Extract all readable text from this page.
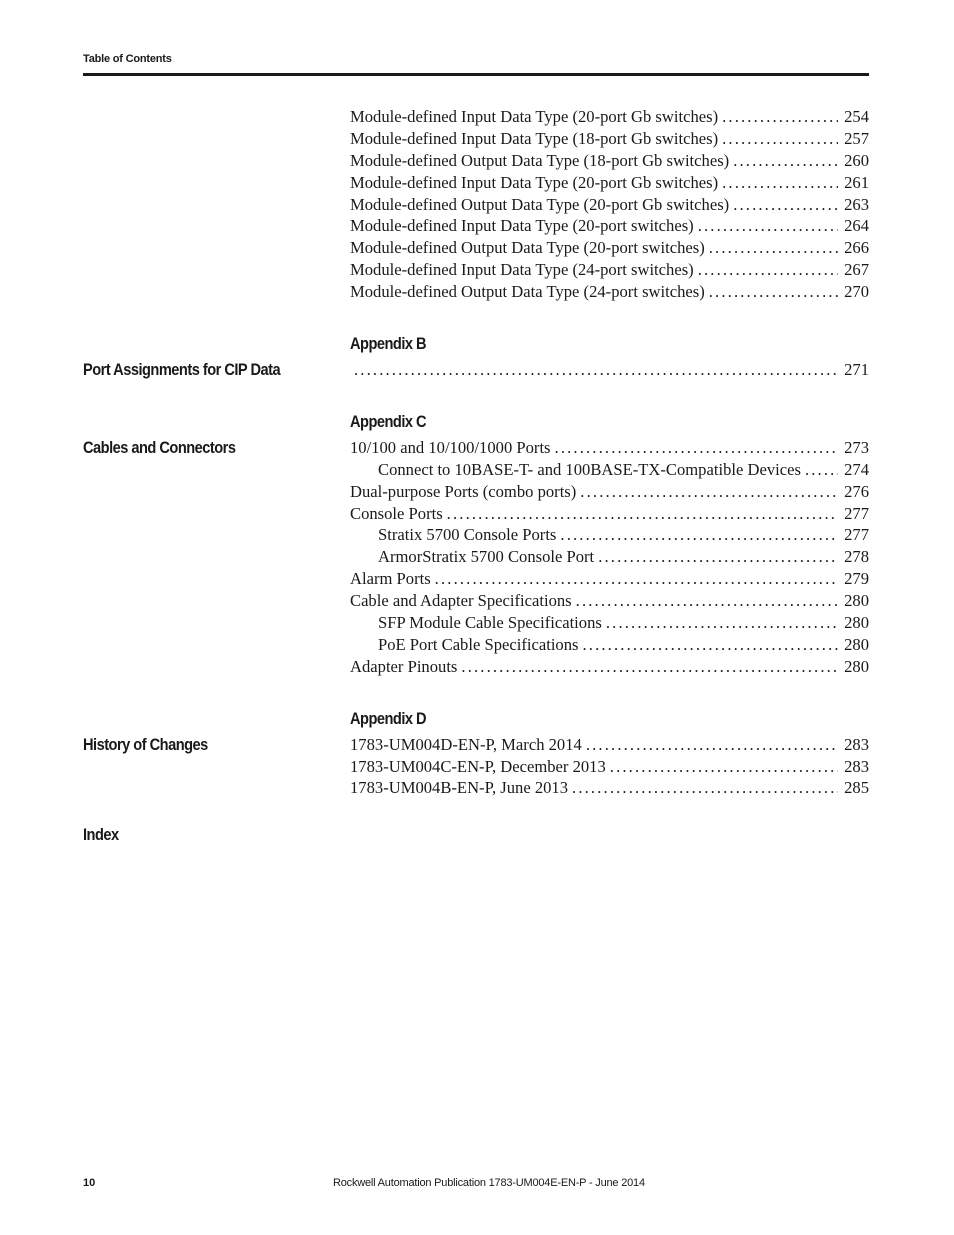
Table of Contents
Module-defined Input Data Type (20-port Gb switches) . . .	254
Module-defined Input Data Type (18-port Gb switches) . . .	257
Module-defined Output Data Type (18-port Gb switches) . . .	260
Module-defined Input Data Type (20-port Gb switches) . . .	261
Module-defined Output Data Type (20-port Gb switches) . . .	263
Module-defined Input Data Type (20-port switches) . . .	264
Module-defined Output Data Type (20-port switches) . . .	266
Module-defined Input Data Type (24-port switches) . . .	267
Module-defined Output Data Type (24-port switches) . . .	270
Appendix B
Port Assignments for CIP Data . . .	271
Appendix C
Cables and Connectors	10/100 and 10/100/1000 Ports . . .	273
Connect to 10BASE-T- and 100BASE-TX-Compatible Devices . . .	274
Dual-purpose Ports (combo ports) . . .	276
Console Ports . . .	277
Stratix 5700 Console Ports . . .	277
ArmorStratix 5700 Console Port . . .	278
Alarm Ports . . .	279
Cable and Adapter Specifications . . .	280
SFP Module Cable Specifications . . .	280
PoE Port Cable Specifications . . .	280
Adapter Pinouts . . .	280
Appendix D
History of Changes	1783-UM004D-EN-P, March 2014 . . .	283
1783-UM004C-EN-P, December 2013 . . .	283
1783-UM004B-EN-P, June 2013 . . .	285
Index
10	Rockwell Automation Publication 1783-UM004E-EN-P - June 2014
